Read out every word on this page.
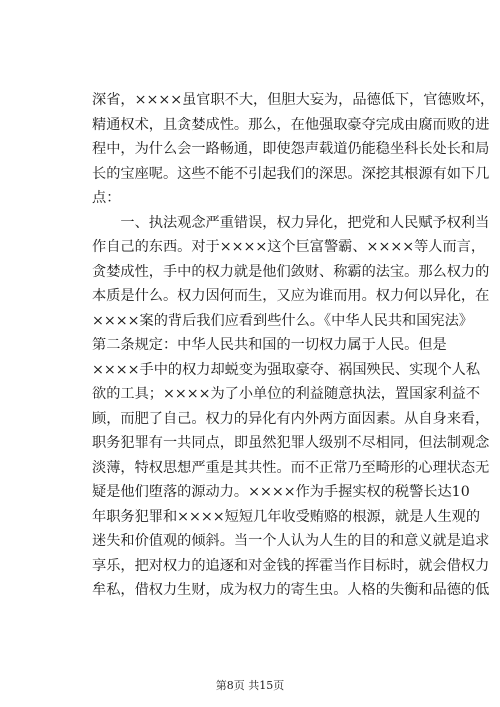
深省，××××虽官职不大，但胆大妄为，品德低下，官德败坏，
精通权术，且贪婪成性。那么，在他强取豪夺完成由腐而败的进
程中，为什么会一路畅通，即使怨声载道仍能稳坐科长处长和局
长的宝座呢。这些不能不引起我们的深思。深挖其根源有如下几
点：
　　一、执法观念严重错误，权力异化，把党和人民赋予权利当
作自己的东西。对于××××这个巨富警霸、××××等人而言，
贪婪成性，手中的权力就是他们敛财、称霸的法宝。那么权力的
本质是什么。权力因何而生，又应为谁而用。权力何以异化，在
××××案的背后我们应看到些什么。《中华人民共和国宪法》
第二条规定：中华人民共和国的一切权力属于人民。但是
××××手中的权力却蜕变为强取豪夺、祸国殃民、实现个人私
欲的工具；××××为了小单位的利益随意执法，置国家利益不
顾，而肥了自己。权力的异化有内外两方面因素。从自身来看，
职务犯罪有一共同点，即虽然犯罪人级别不尽相同，但法制观念
淡薄，特权思想严重是其共性。而不正常乃至畸形的心理状态无
疑是他们堕落的源动力。××××作为手握实权的税警长达10
年职务犯罪和××××短短几年收受贿赂的根源，就是人生观的
迷失和价值观的倾斜。当一个人认为人生的目的和意义就是追求
享乐，把对权力的追逐和对金钱的挥霍当作目标时，就会借权力
牟私，借权力生财，成为权力的寄生虫。人格的失衡和品德的低
第8页 共15页
